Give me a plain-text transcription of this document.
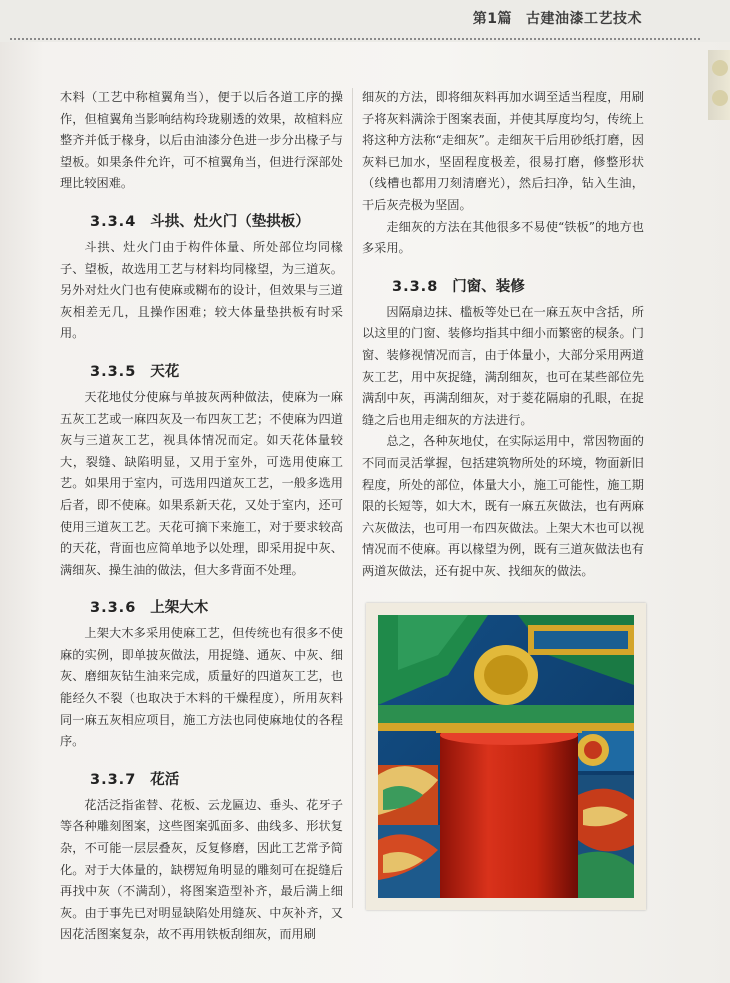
第1篇 古建油漆工艺技术

木料（工艺中称楦翼角当），便于以后各道工序的操作，但楦翼角当影响结构玲珑剔透的效果，故楦料应整齐并低于椽身，以后由油漆分色进一步分出椽子与望板。如果条件允许，可不楦翼角当，但进行深部处理比较困难。

3.3.4 斗拱、灶火门（垫拱板）

斗拱、灶火门由于构件体量、所处部位均同椽子、望板，故选用工艺与材料均同椽望，为三道灰。另外对灶火门也有使麻或糊布的设计，但效果与三道灰相差无几，且操作困难；较大体量垫拱板有时采用。

3.3.5 天花

天花地仗分使麻与单披灰两种做法，使麻为一麻五灰工艺或一麻四灰及一布四灰工艺；不使麻为四道灰与三道灰工艺，视具体情况而定。如天花体量较大，裂缝、缺陷明显，又用于室外，可选用使麻工艺。如果用于室内，可选用四道灰工艺，一般多选用后者，即不使麻。如果系新天花，又处于室内，还可使用三道灰工艺。天花可摘下来施工，对于要求较高的天花，背面也应简单地予以处理，即采用捉中灰、满细灰、操生油的做法，但大多背面不处理。

3.3.6 上架大木

上架大木多采用使麻工艺，但传统也有很多不使麻的实例，即单披灰做法，用捉缝、通灰、中灰、细灰、磨细灰钻生油来完成，质量好的四道灰工艺，也能经久不裂（也取决于木料的干燥程度），所用灰料同一麻五灰相应项目，施工方法也同使麻地仗的各程序。

3.3.7 花活

花活泛指雀替、花板、云龙匾边、垂头、花牙子等各种雕刻图案，这些图案弧面多、曲线多、形状复杂，不可能一层层叠灰，反复修磨，因此工艺常予简化。对于大体量的，缺楞短角明显的雕刻可在捉缝后再找中灰（不满刮），将图案造型补齐，最后满上细灰。由于事先已对明显缺陷处用缝灰、中灰补齐，又因花活图案复杂，故不再用铁板刮细灰，而用刷

细灰的方法，即将细灰料再加水调至适当程度，用刷子将灰料满涂于图案表面，并使其厚度均匀，传统上将这种方法称“走细灰”。走细灰干后用砂纸打磨，因灰料已加水，坚固程度极差，很易打磨，修整形状（线槽也都用刀刻清磨光），然后扫净，钻入生油，干后灰壳极为坚固。

走细灰的方法在其他很多不易使“铁板”的地方也多采用。

3.3.8 门窗、装修

因隔扇边抹、槛板等处已在一麻五灰中含括，所以这里的门窗、装修均指其中细小而繁密的棂条。门窗、装修视情况而言，由于体量小，大部分采用两道灰工艺，用中灰捉缝，满刮细灰，也可在某些部位先满刮中灰，再满刮细灰，对于菱花隔扇的孔眼，在捉缝之后也用走细灰的方法进行。

总之，各种灰地仗，在实际运用中，常因物面的不同而灵活掌握，包括建筑物所处的环境，物面新旧程度，所处的部位，体量大小，施工可能性，施工期限的长短等，如大木，既有一麻五灰做法，也有两麻六灰做法，也可用一布四灰做法。上架大木也可以视情况而不使麻。再以椽望为例，既有三道灰做法也有两道灰做法，还有捉中灰、找细灰的做法。
